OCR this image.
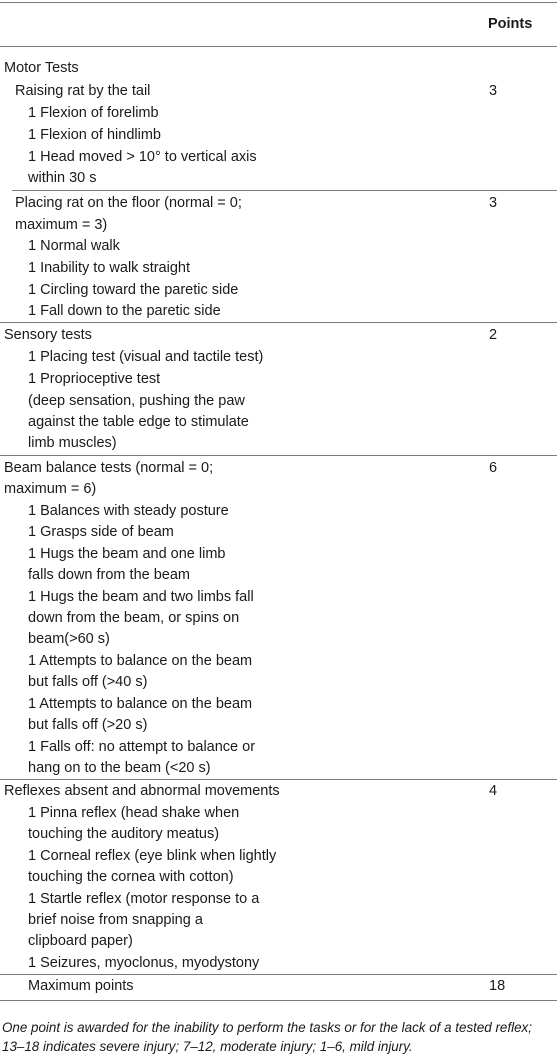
Points
Motor Tests
Raising rat by the tail	3
1 Flexion of forelimb
1 Flexion of hindlimb
1 Head moved > 10° to vertical axis
within 30 s
Placing rat on the floor (normal = 0;	3
maximum = 3)
1 Normal walk
1 Inability to walk straight
1 Circling toward the paretic side
1 Fall down to the paretic side
Sensory tests	2
1 Placing test (visual and tactile test)
1 Proprioceptive test
(deep sensation, pushing the paw
against the table edge to stimulate
limb muscles)
Beam balance tests (normal = 0;	6
maximum = 6)
1 Balances with steady posture
1 Grasps side of beam
1 Hugs the beam and one limb
falls down from the beam
1 Hugs the beam and two limbs fall
down from the beam, or spins on
beam(>60 s)
1 Attempts to balance on the beam
but falls off (>40 s)
1 Attempts to balance on the beam
but falls off (>20 s)
1 Falls off: no attempt to balance or
hang on to the beam (<20 s)
Reflexes absent and abnormal movements	4
1 Pinna reflex (head shake when
touching the auditory meatus)
1 Corneal reflex (eye blink when lightly
touching the cornea with cotton)
1 Startle reflex (motor response to a
brief noise from snapping a
clipboard paper)
1 Seizures, myoclonus, myodystony
Maximum points	18
One point is awarded for the inability to perform the tasks or for the lack of a tested reflex; 13–18 indicates severe injury; 7–12, moderate injury; 1–6, mild injury.
